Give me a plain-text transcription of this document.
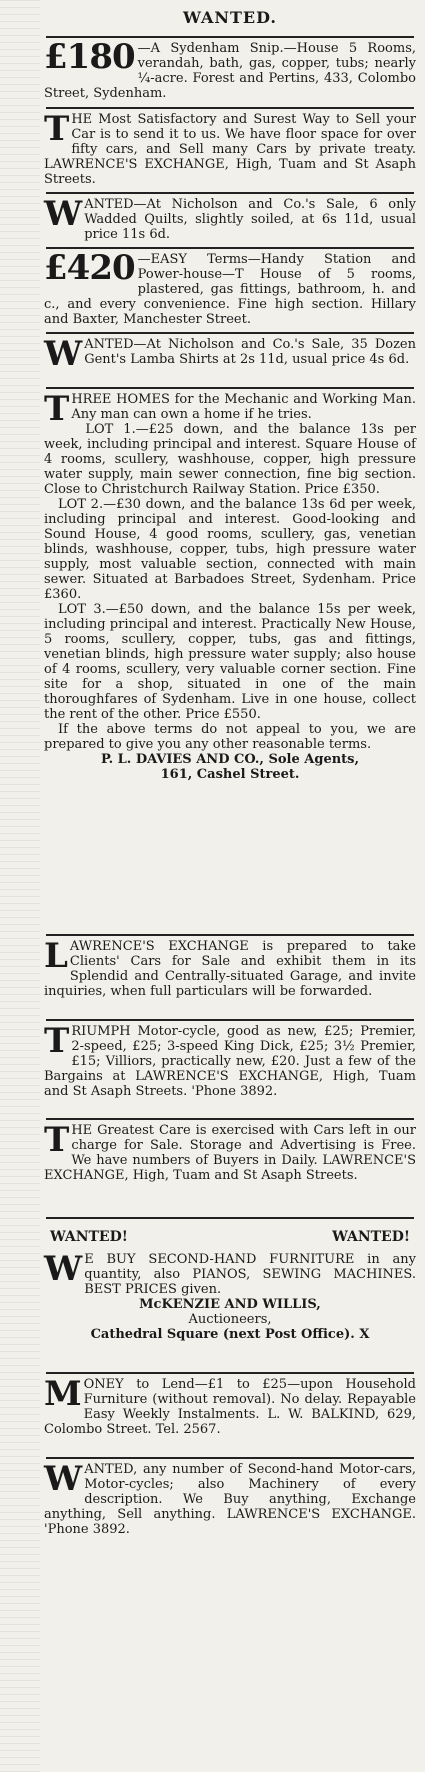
WANTED.
£180 —A Sydenham Snip.—House 5 Rooms, verandah, bath, gas, copper, tubs; nearly ¼-acre. Forest and Pertins, 433, Colombo Street, Sydenham.

T HE Most Satisfactory and Surest Way to Sell your Car is to send it to us. We have floor space for over fifty cars, and Sell many Cars by private treaty. LAWRENCE'S EXCHANGE, High, Tuam and St Asaph Streets.

W ANTED—At Nicholson and Co.'s Sale, 6 only Wadded Quilts, slightly soiled, at 6s 11d, usual price 11s 6d.

£420 —EASY Terms—Handy Station and Power-house—T House of 5 rooms, plastered, gas fittings, bathroom, h. and c., and every convenience. Fine high section. Hillary and Baxter, Manchester Street.

W ANTED—At Nicholson and Co.'s Sale, 35 Dozen Gent's Lamba Shirts at 2s 11d, usual price 4s 6d.

T HREE HOMES for the Mechanic and Working Man. Any man can own a home if he tries.

LOT 1.—£25 down, and the balance 13s per week, including principal and interest. Square House of 4 rooms, scullery, washhouse, copper, high pressure water supply, main sewer connection, fine big section. Close to Christchurch Railway Station. Price £350.

LOT 2.—£30 down, and the balance 13s 6d per week, including principal and interest. Good-looking and Sound House, 4 good rooms, scullery, gas, venetian blinds, washhouse, copper, tubs, high pressure water supply, most valuable section, connected with main sewer. Situated at Barbadoes Street, Sydenham. Price £360.

LOT 3.—£50 down, and the balance 15s per week, including principal and interest. Practically New House, 5 rooms, scullery, copper, tubs, gas and fittings, venetian blinds, high pressure water supply; also house of 4 rooms, scullery, very valuable corner section. Fine site for a shop, situated in one of the main thoroughfares of Sydenham. Live in one house, collect the rent of the other. Price £550.

If the above terms do not appeal to you, we are prepared to give you any other reasonable terms.

P. L. DAVIES AND CO., Sole Agents,

161, Cashel Street.

L AWRENCE'S EXCHANGE is prepared to take Clients' Cars for Sale and exhibit them in its Splendid and Centrally-situated Garage, and invite inquiries, when full particulars will be forwarded.

T RIUMPH Motor-cycle, good as new, £25; Premier, 2-speed, £25; 3-speed King Dick, £25; 3½ Premier, £15; Villiors, practically new, £20. Just a few of the Bargains at LAWRENCE'S EXCHANGE, High, Tuam and St Asaph Streets. 'Phone 3892.

T HE Greatest Care is exercised with Cars left in our charge for Sale. Storage and Advertising is Free. We have numbers of Buyers in Daily. LAWRENCE'S EXCHANGE, High, Tuam and St Asaph Streets.

WANTED!	WANTED!
W E BUY SECOND-HAND FURNITURE in any quantity, also PIANOS, SEWING MACHINES. BEST PRICES given.

McKENZIE AND WILLIS,

Auctioneers,

Cathedral Square (next Post Office). X

M ONEY to Lend—£1 to £25—upon Household Furniture (without removal). No delay. Repayable Easy Weekly Instalments. L. W. BALKIND, 629, Colombo Street. Tel. 2567.

W ANTED, any number of Second-hand Motor-cars, Motor-cycles; also Machinery of every description. We Buy anything, Exchange anything, Sell anything. LAWRENCE'S EXCHANGE. 'Phone 3892.
